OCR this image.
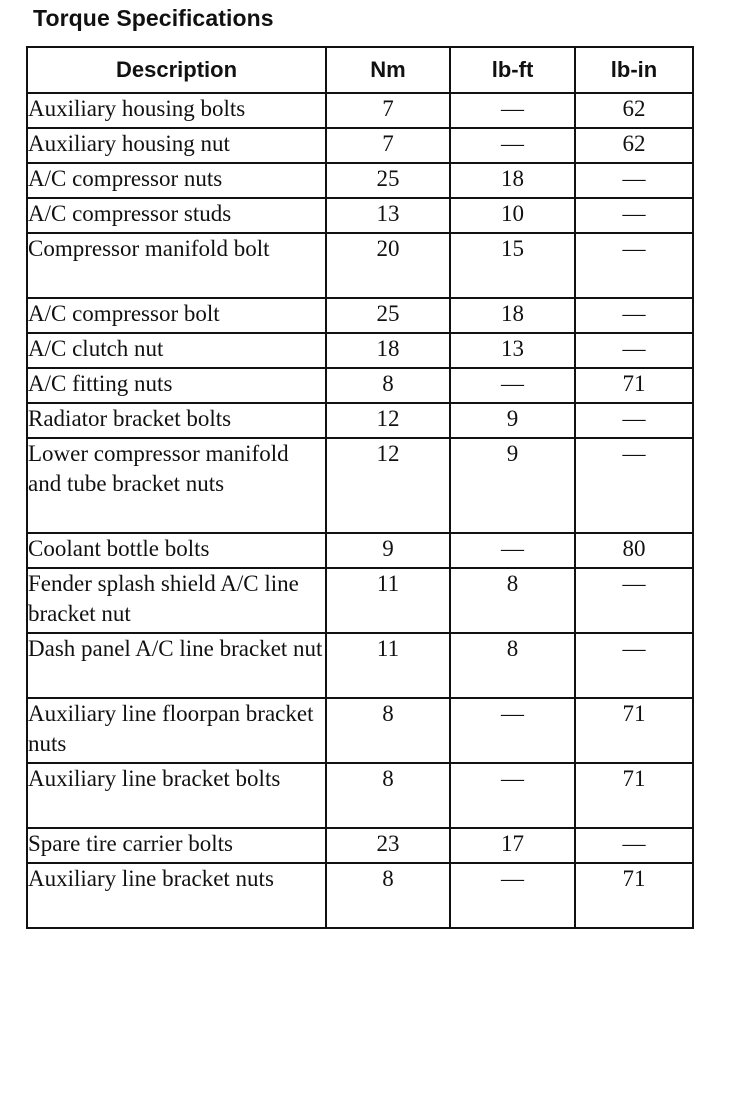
Torque Specifications
Description	Nm	lb-ft	lb-in
Auxiliary housing bolts	7	—	62
Auxiliary housing nut	7	—	62
A/C compressor nuts	25	18	—
A/C compressor studs	13	10	—
Compressor manifold bolt	20	15	—
A/C compressor bolt	25	18	—
A/C clutch nut	18	13	—
A/C fitting nuts	8	—	71
Radiator bracket bolts	12	9	—
Lower compressor manifold and tube bracket nuts	12	9	—
Coolant bottle bolts	9	—	80
Fender splash shield A/C line bracket nut	11	8	—
Dash panel A/C line bracket nut	11	8	—
Auxiliary line floorpan bracket nuts	8	—	71
Auxiliary line bracket bolts	8	—	71
Spare tire carrier bolts	23	17	—
Auxiliary line bracket nuts	8	—	71
